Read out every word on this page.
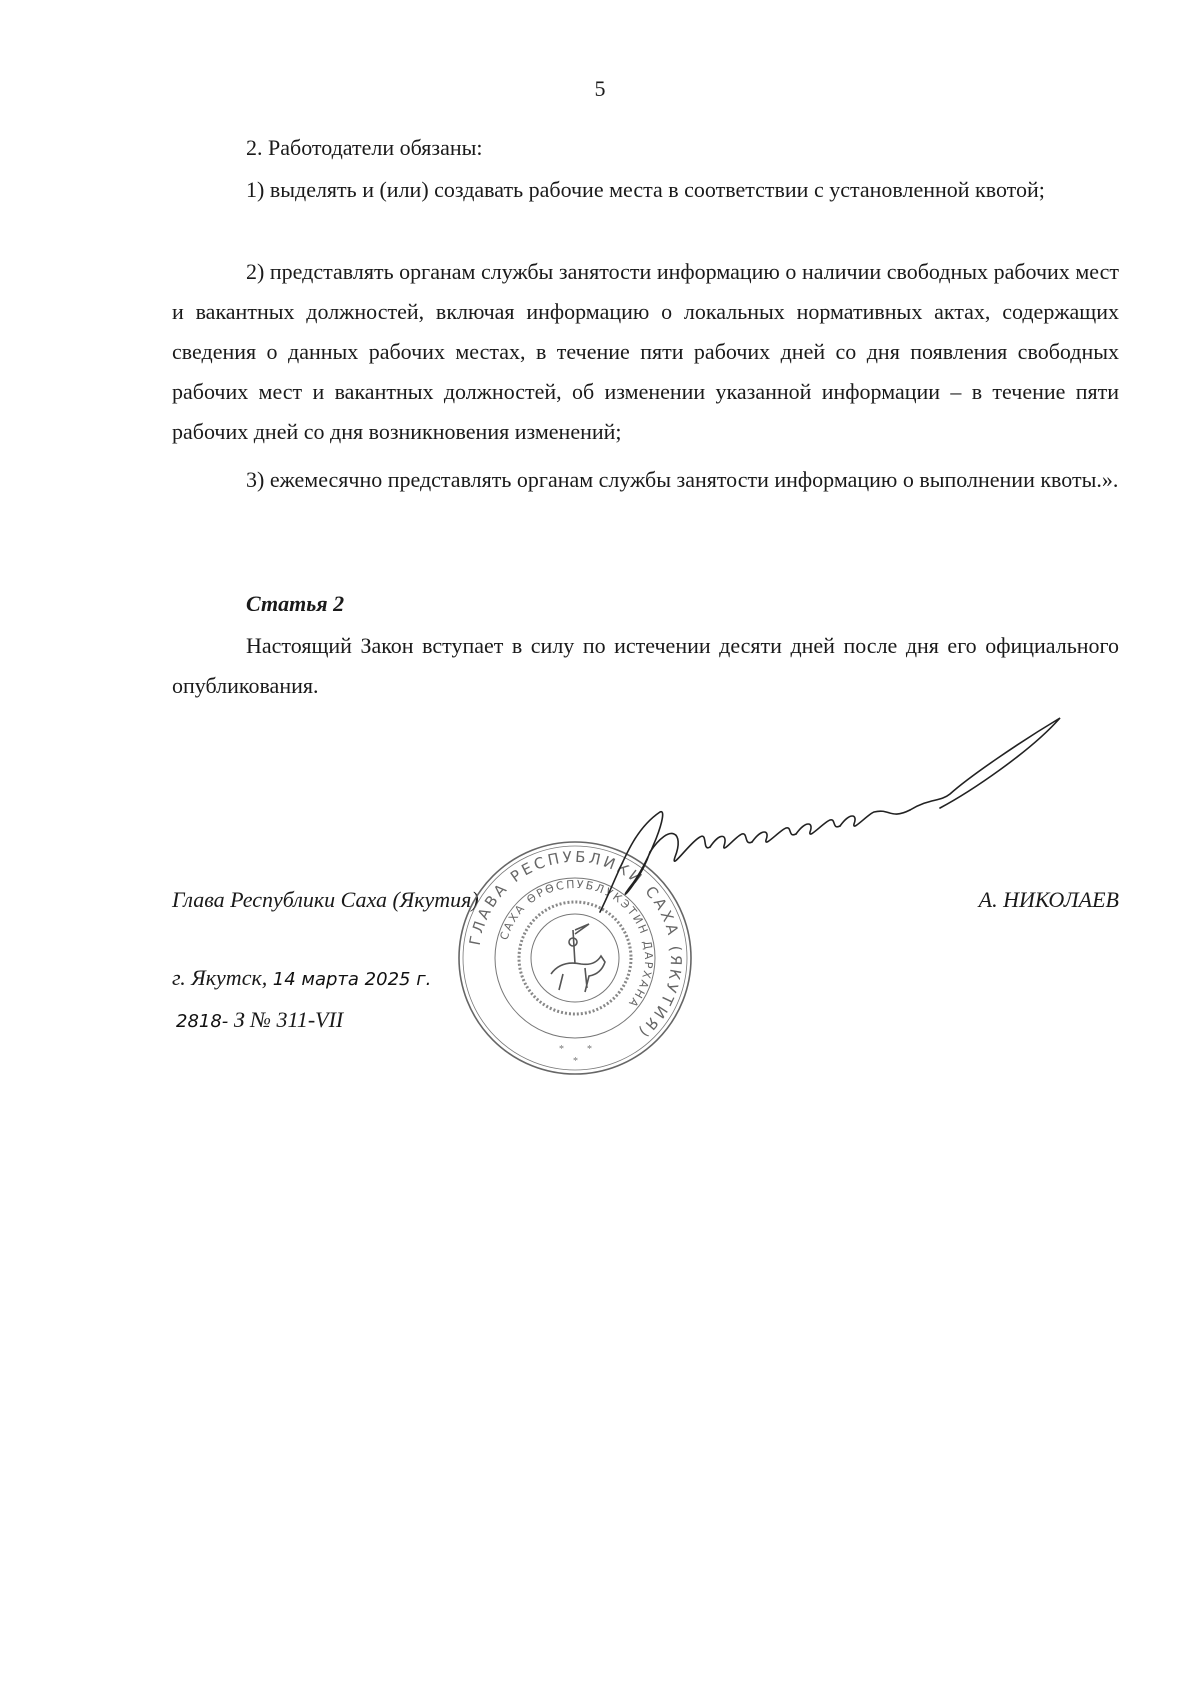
5

2. Работодатели обязаны:

1) выделять и (или) создавать рабочие места в соответствии с установленной квотой;

2) представлять органам службы занятости информацию о наличии свободных рабочих мест и вакантных должностей, включая информацию о локальных нормативных актах, содержащих сведения о данных рабочих местах, в течение пяти рабочих дней со дня появления свободных рабочих мест и вакантных должностей, об изменении указанной информации – в течение пяти рабочих дней со дня возникновения изменений;

3) ежемесячно представлять органам службы занятости информацию о выполнении квоты.».

Статья 2

Настоящий Закон вступает в силу по истечении десяти дней после дня его официального опубликования.

Глава Республики Саха (Якутия)	А. НИКОЛАЕВ
г. Якутск, 14 марта 2025 г.
2818- З № 311-VII
ГЛАВА РЕСПУБЛИКИ САХА (ЯКУТИЯ)
САХА ӨРӨСПУБЛУКЭТИН ДАРХАНА
* *
*
